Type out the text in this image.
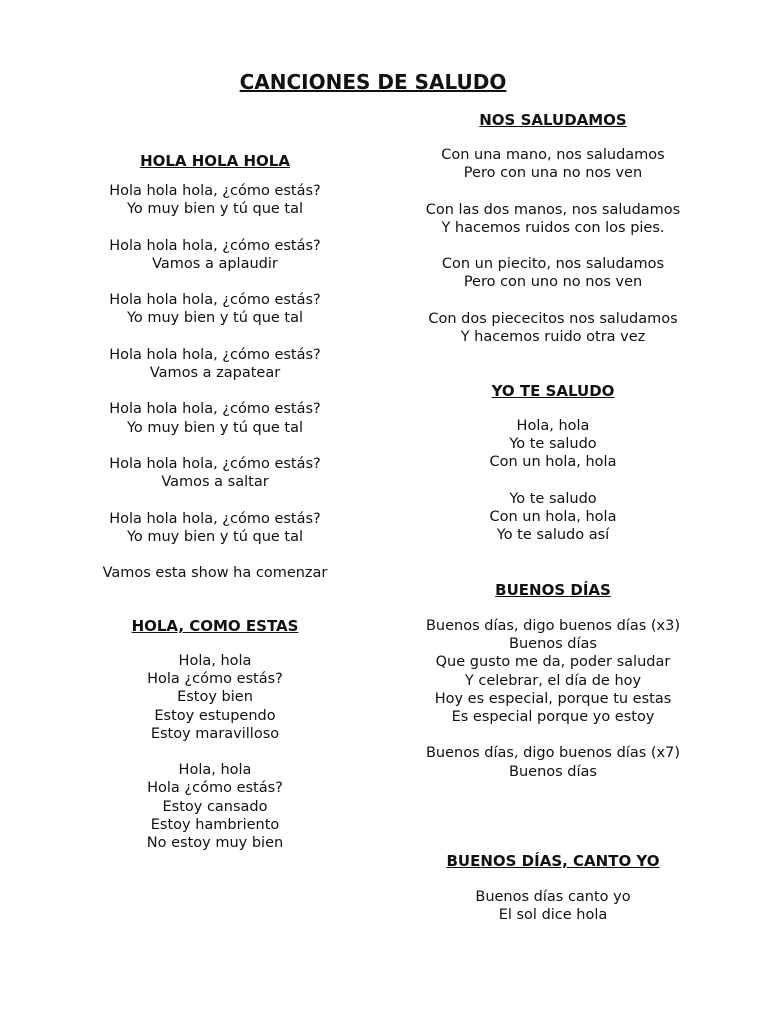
CANCIONES DE SALUDO
HOLA HOLA HOLA
Hola hola hola, ¿cómo estás?
Yo muy bien y tú que tal
Hola hola hola, ¿cómo estás?
Vamos a aplaudir
Hola hola hola, ¿cómo estás?
Yo muy bien y tú que tal
Hola hola hola, ¿cómo estás?
Vamos a zapatear
Hola hola hola, ¿cómo estás?
Yo muy bien y tú que tal
Hola hola hola, ¿cómo estás?
Vamos a saltar
Hola hola hola, ¿cómo estás?
Yo muy bien y tú que tal
Vamos esta show ha comenzar
HOLA, COMO ESTAS
Hola, hola
Hola ¿cómo estás?
Estoy bien
Estoy estupendo
Estoy maravilloso
Hola, hola
Hola ¿cómo estás?
Estoy cansado
Estoy hambriento
No estoy muy bien
NOS SALUDAMOS
Con una mano, nos saludamos
Pero con una no nos ven
Con las dos manos, nos saludamos
Y hacemos ruidos con los pies.
Con un piecito, nos saludamos
Pero con uno no nos ven
Con dos piececitos nos saludamos
Y hacemos ruido otra vez
YO TE SALUDO
Hola, hola
Yo te saludo
Con un hola, hola
Yo te saludo
Con un hola, hola
Yo te saludo así
BUENOS DÍAS
Buenos días, digo buenos días (x3)
Buenos días
Que gusto me da, poder saludar
Y celebrar, el día de hoy
Hoy es especial, porque tu estas
Es especial porque yo estoy
Buenos días, digo buenos días (x7)
Buenos días
BUENOS DÍAS, CANTO YO
Buenos días canto yo
El sol dice hola
